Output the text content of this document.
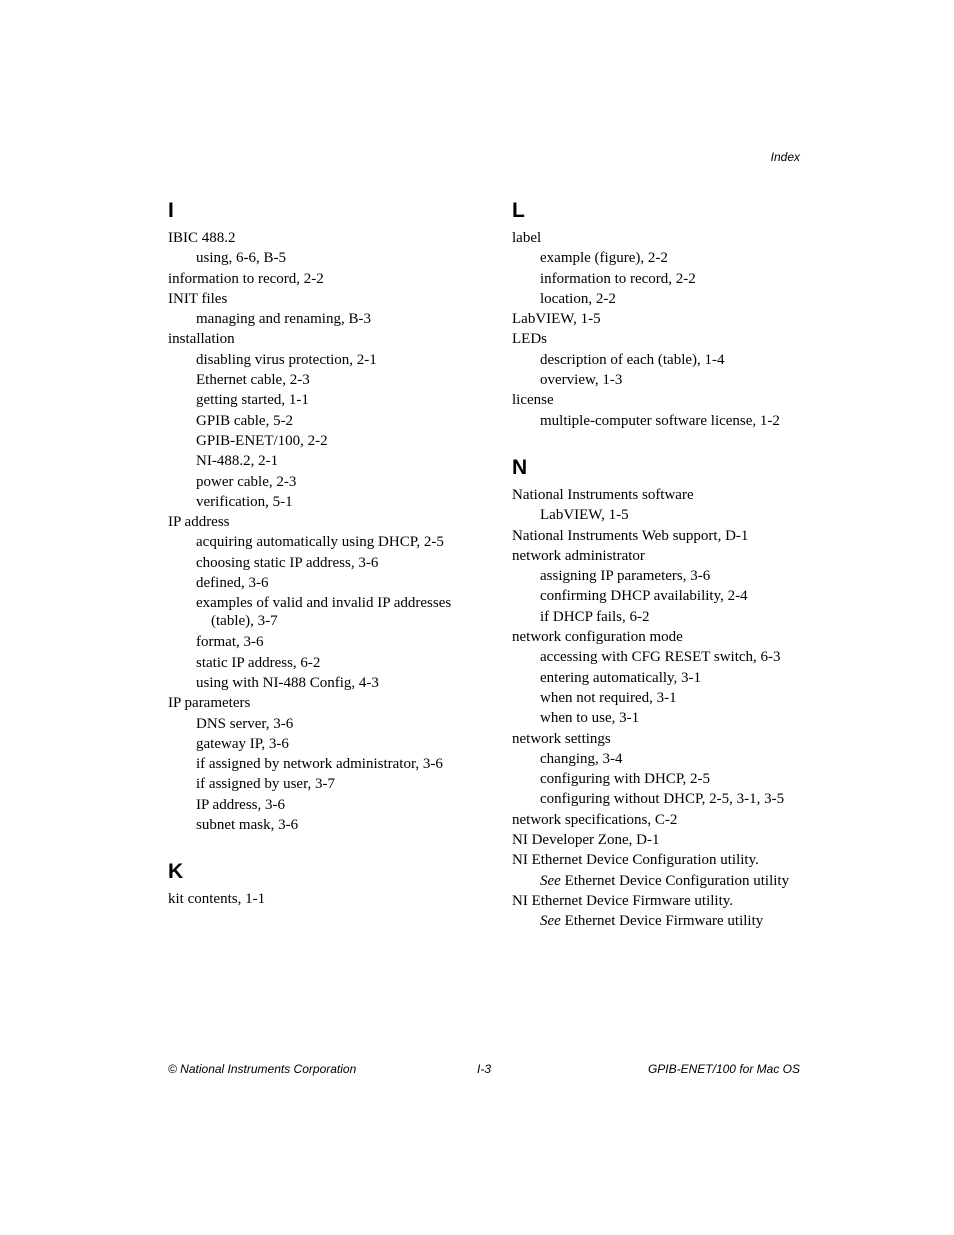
Index
I
IBIC 488.2
using, 6-6, B-5
information to record, 2-2
INIT files
managing and renaming, B-3
installation
disabling virus protection, 2-1
Ethernet cable, 2-3
getting started, 1-1
GPIB cable, 5-2
GPIB-ENET/100, 2-2
NI-488.2, 2-1
power cable, 2-3
verification, 5-1
IP address
acquiring automatically using DHCP, 2-5
choosing static IP address, 3-6
defined, 3-6
examples of valid and invalid IP addresses (table), 3-7
format, 3-6
static IP address, 6-2
using with NI-488 Config, 4-3
IP parameters
DNS server, 3-6
gateway IP, 3-6
if assigned by network administrator, 3-6
if assigned by user, 3-7
IP address, 3-6
subnet mask, 3-6
K
kit contents, 1-1
L
label
example (figure), 2-2
information to record, 2-2
location, 2-2
LabVIEW, 1-5
LEDs
description of each (table), 1-4
overview, 1-3
license
multiple-computer software license, 1-2
N
National Instruments software
LabVIEW, 1-5
National Instruments Web support, D-1
network administrator
assigning IP parameters, 3-6
confirming DHCP availability, 2-4
if DHCP fails, 6-2
network configuration mode
accessing with CFG RESET switch, 6-3
entering automatically, 3-1
when not required, 3-1
when to use, 3-1
network settings
changing, 3-4
configuring with DHCP, 2-5
configuring without DHCP, 2-5, 3-1, 3-5
network specifications, C-2
NI Developer Zone, D-1
NI Ethernet Device Configuration utility.
See Ethernet Device Configuration utility
NI Ethernet Device Firmware utility.
See Ethernet Device Firmware utility
© National Instruments Corporation	I-3	GPIB-ENET/100 for Mac OS
